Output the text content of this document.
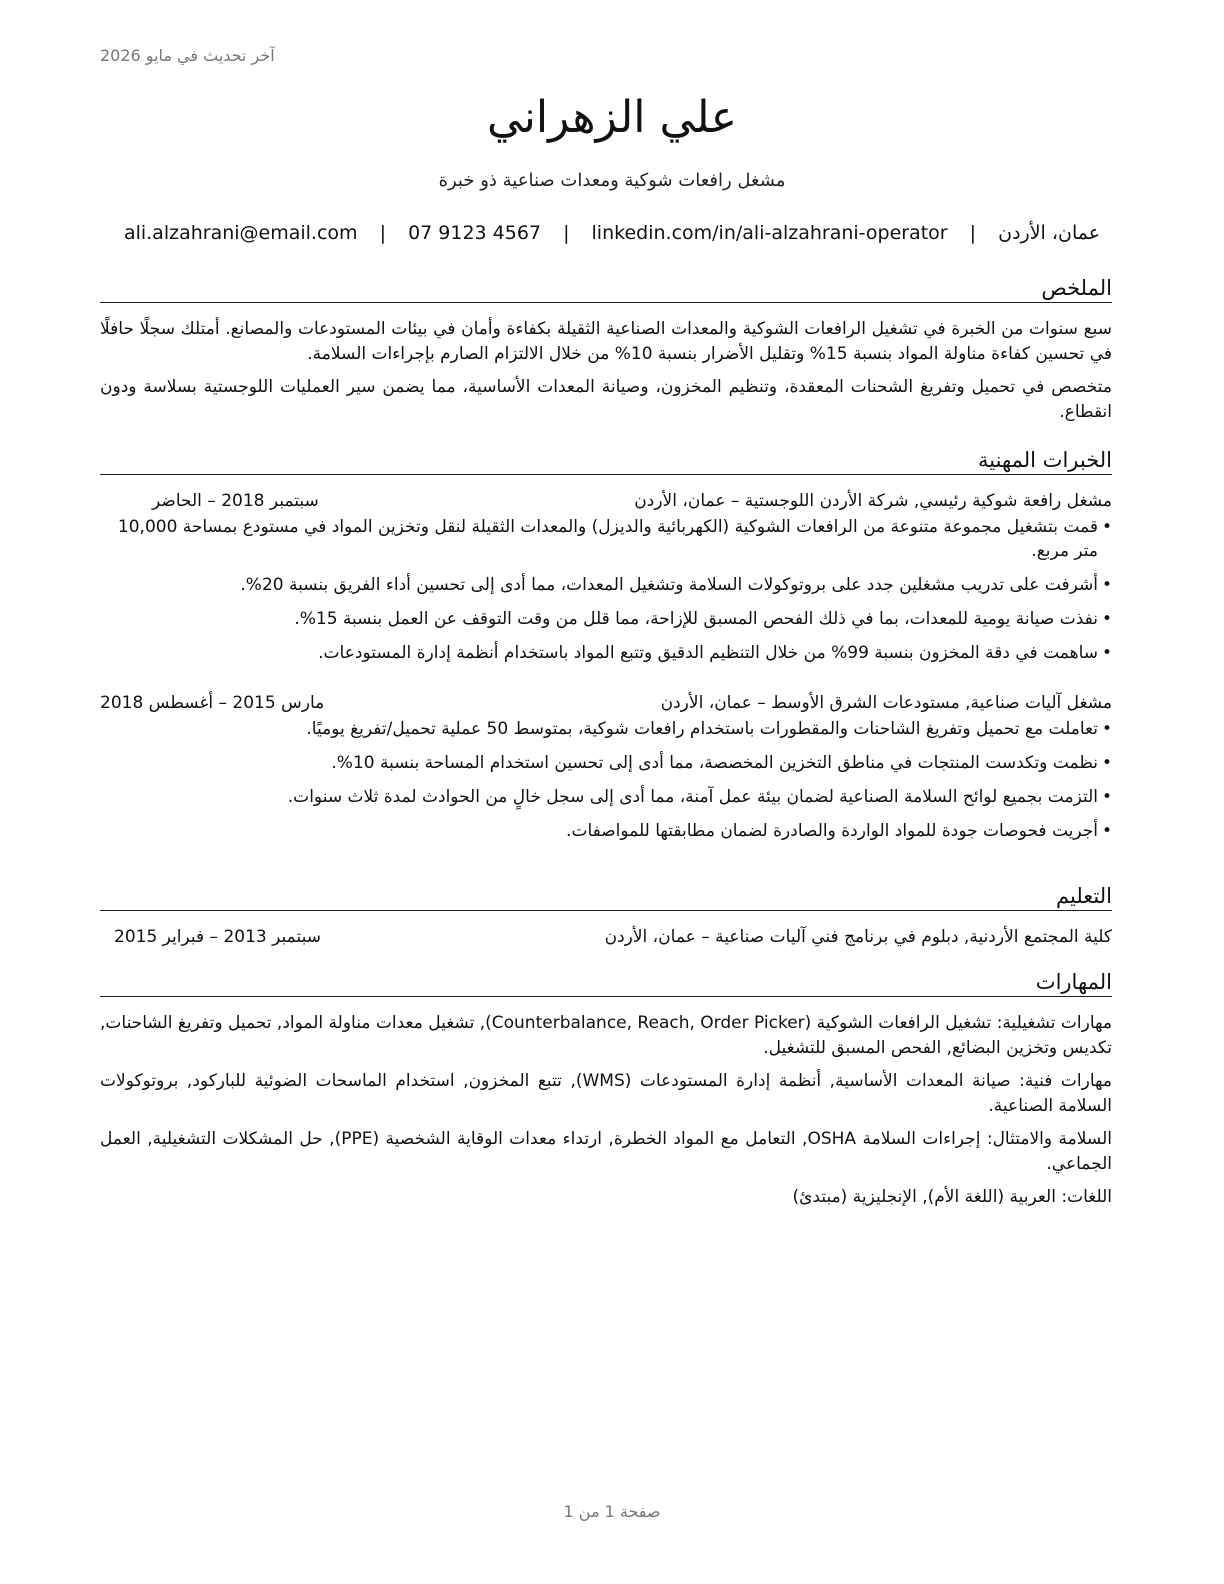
آخر تحديث في مايو 2026
علي الزهراني
مشغل رافعات شوكية ومعدات صناعية ذو خبرة
عمان، الأردن | ali.alzahrani@email.com | 07 9123 4567 | linkedin.com/in/ali-alzahrani-operator
الملخص

سبع سنوات من الخبرة في تشغيل الرافعات الشوكية والمعدات الصناعية الثقيلة بكفاءة وأمان في بيئات المستودعات والمصانع. أمتلك سجلًا حافلًا في تحسين كفاءة مناولة المواد بنسبة 15% وتقليل الأضرار بنسبة 10% من خلال الالتزام الصارم بإجراءات السلامة.

متخصص في تحميل وتفريغ الشحنات المعقدة، وتنظيم المخزون، وصيانة المعدات الأساسية، مما يضمن سير العمليات اللوجستية بسلاسة ودون انقطاع.

الخبرات المهنية
مشغل رافعة شوكية رئيسي, شركة الأردن اللوجستية – عمان، الأردن
سبتمبر 2018 – الحاضر
• قمت بتشغيل مجموعة متنوعة من الرافعات الشوكية (الكهربائية والديزل) والمعدات الثقيلة لنقل وتخزين المواد في مستودع بمساحة 10,000 متر مربع.
• أشرفت على تدريب مشغلين جدد على بروتوكولات السلامة وتشغيل المعدات، مما أدى إلى تحسين أداء الفريق بنسبة 20%.
• نفذت صيانة يومية للمعدات، بما في ذلك الفحص المسبق للإزاحة، مما قلل من وقت التوقف عن العمل بنسبة 15%.
• ساهمت في دقة المخزون بنسبة 99% من خلال التنظيم الدقيق وتتبع المواد باستخدام أنظمة إدارة المستودعات.
مشغل آليات صناعية, مستودعات الشرق الأوسط – عمان، الأردن
مارس 2015 – أغسطس 2018
• تعاملت مع تحميل وتفريغ الشاحنات والمقطورات باستخدام رافعات شوكية، بمتوسط 50 عملية تحميل/تفريغ يوميًا.
• نظمت وتكدست المنتجات في مناطق التخزين المخصصة، مما أدى إلى تحسين استخدام المساحة بنسبة 10%.
• التزمت بجميع لوائح السلامة الصناعية لضمان بيئة عمل آمنة، مما أدى إلى سجل خالٍ من الحوادث لمدة ثلاث سنوات.
• أجريت فحوصات جودة للمواد الواردة والصادرة لضمان مطابقتها للمواصفات.
التعليم
كلية المجتمع الأردنية, دبلوم في برنامج فني آليات صناعية – عمان، الأردن
سبتمبر 2013 – فبراير 2015
المهارات

مهارات تشغيلية: تشغيل الرافعات الشوكية (Counterbalance, Reach, Order Picker), تشغيل معدات مناولة المواد, تحميل وتفريغ الشاحنات, تكديس وتخزين البضائع, الفحص المسبق للتشغيل.

مهارات فنية: صيانة المعدات الأساسية, أنظمة إدارة المستودعات (WMS), تتبع المخزون, استخدام الماسحات الضوئية للباركود, بروتوكولات السلامة الصناعية.

السلامة والامتثال: إجراءات السلامة OSHA, التعامل مع المواد الخطرة, ارتداء معدات الوقاية الشخصية (PPE), حل المشكلات التشغيلية, العمل الجماعي.

اللغات: العربية (اللغة الأم), الإنجليزية (مبتدئ)

صفحة 1 من 1
